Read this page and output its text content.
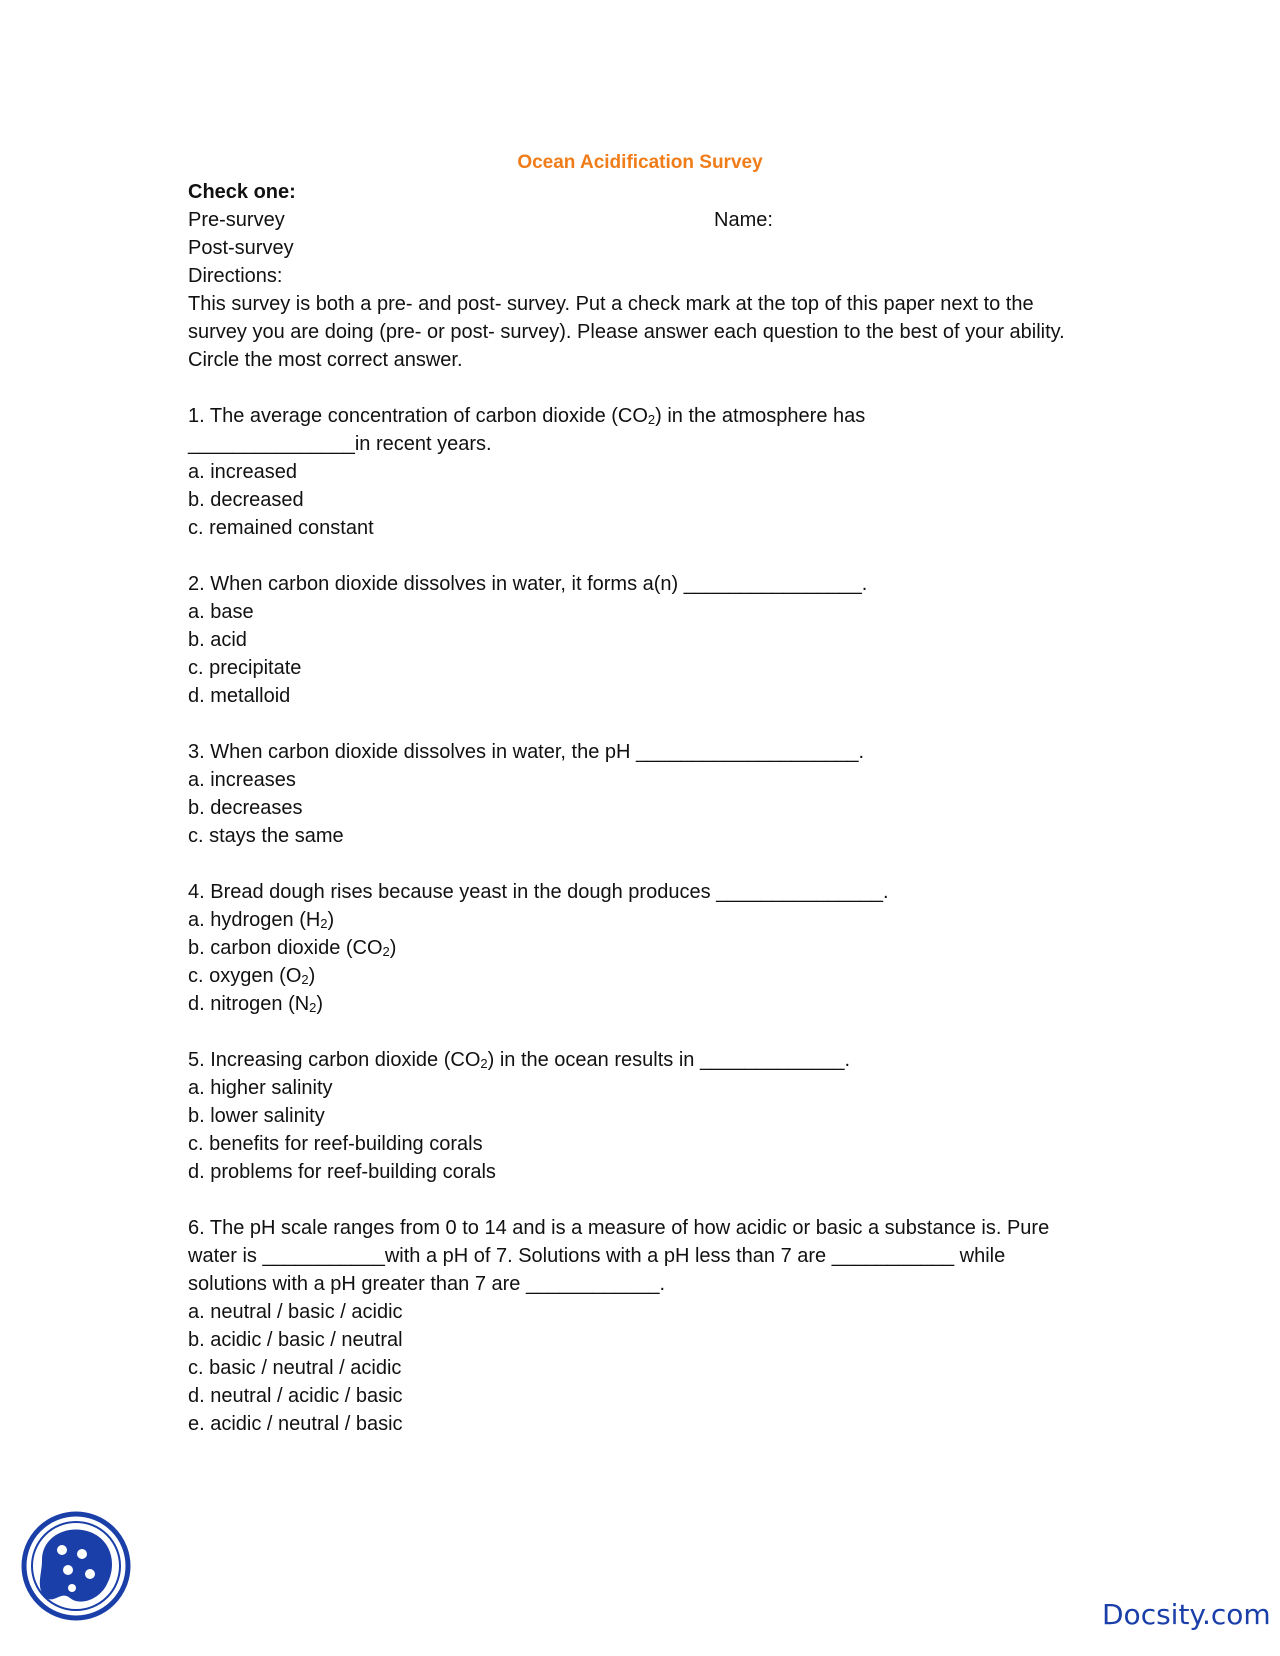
Ocean Acidification Survey
Check one:
Pre-survey	Name:
Post-survey
Directions:
This survey is both a pre- and post- survey. Put a check mark at the top of this paper next to the survey you are doing (pre- or post- survey). Please answer each question to the best of your ability. Circle the most correct answer.
1. The average concentration of carbon dioxide $(CO_2)$ in the atmosphere has
_______________in recent years.
a. increased
b. decreased
c. remained constant
2. When carbon dioxide dissolves in water, it forms a(n) ________________.
a. base
b. acid
c. precipitate
d. metalloid
3. When carbon dioxide dissolves in water, the pH ____________________.
a. increases
b. decreases
c. stays the same
4. Bread dough rises because yeast in the dough produces _______________.
a. hydrogen $(H_2)$
b. carbon dioxide $(CO_2)$
c. oxygen $(O_2)$
d. nitrogen $(N_2)$
5. Increasing carbon dioxide $(CO_2)$ in the ocean results in _____________.
a. higher salinity
b. lower salinity
c. benefits for reef-building corals
d. problems for reef-building corals
6. The pH scale ranges from 0 to 14 and is a measure of how acidic or basic a substance is. Pure water is ___________with a pH of 7. Solutions with a pH less than 7 are ___________ while solutions with a pH greater than 7 are ____________.
a. neutral / basic / acidic
b. acidic / basic / neutral
c. basic / neutral / acidic
d. neutral / acidic / basic
e. acidic / neutral / basic
Docsity.com
